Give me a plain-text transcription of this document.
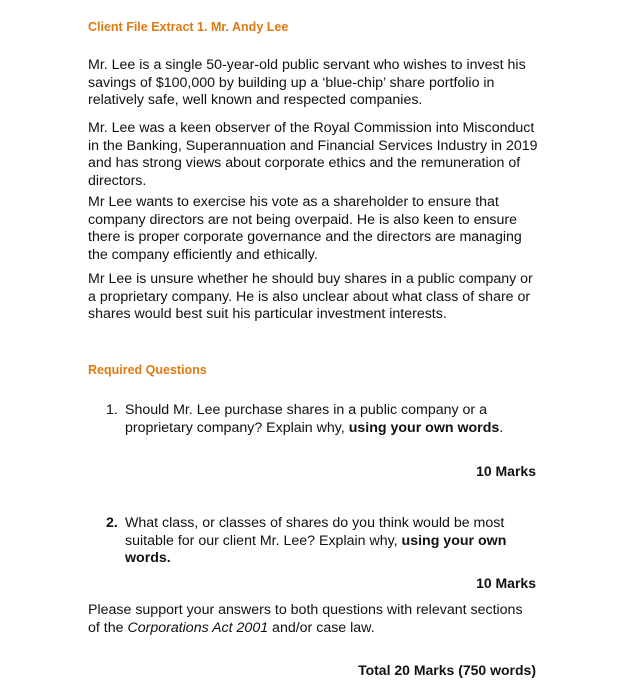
Client File Extract 1. Mr. Andy Lee

Mr. Lee is a single 50-year-old public servant who wishes to invest his savings of $100,000 by building up a ‘blue-chip’ share portfolio in relatively safe, well known and respected companies.

Mr. Lee was a keen observer of the Royal Commission into Misconduct in the Banking, Superannuation and Financial Services Industry in 2019 and has strong views about corporate ethics and the remuneration of directors.

Mr Lee wants to exercise his vote as a shareholder to ensure that company directors are not being overpaid. He is also keen to ensure there is proper corporate governance and the directors are managing the company efficiently and ethically.

Mr Lee is unsure whether he should buy shares in a public company or a proprietary company. He is also unclear about what class of share or shares would best suit his particular investment interests.

Required Questions

1. Should Mr. Lee purchase shares in a public company or a proprietary company? Explain why, using your own words.

10 Marks

2. What class, or classes of shares do you think would be most suitable for our client Mr. Lee? Explain why, using your own words.

10 Marks

Please support your answers to both questions with relevant sections of the Corporations Act 2001 and/or case law.

Total 20 Marks (750 words)
